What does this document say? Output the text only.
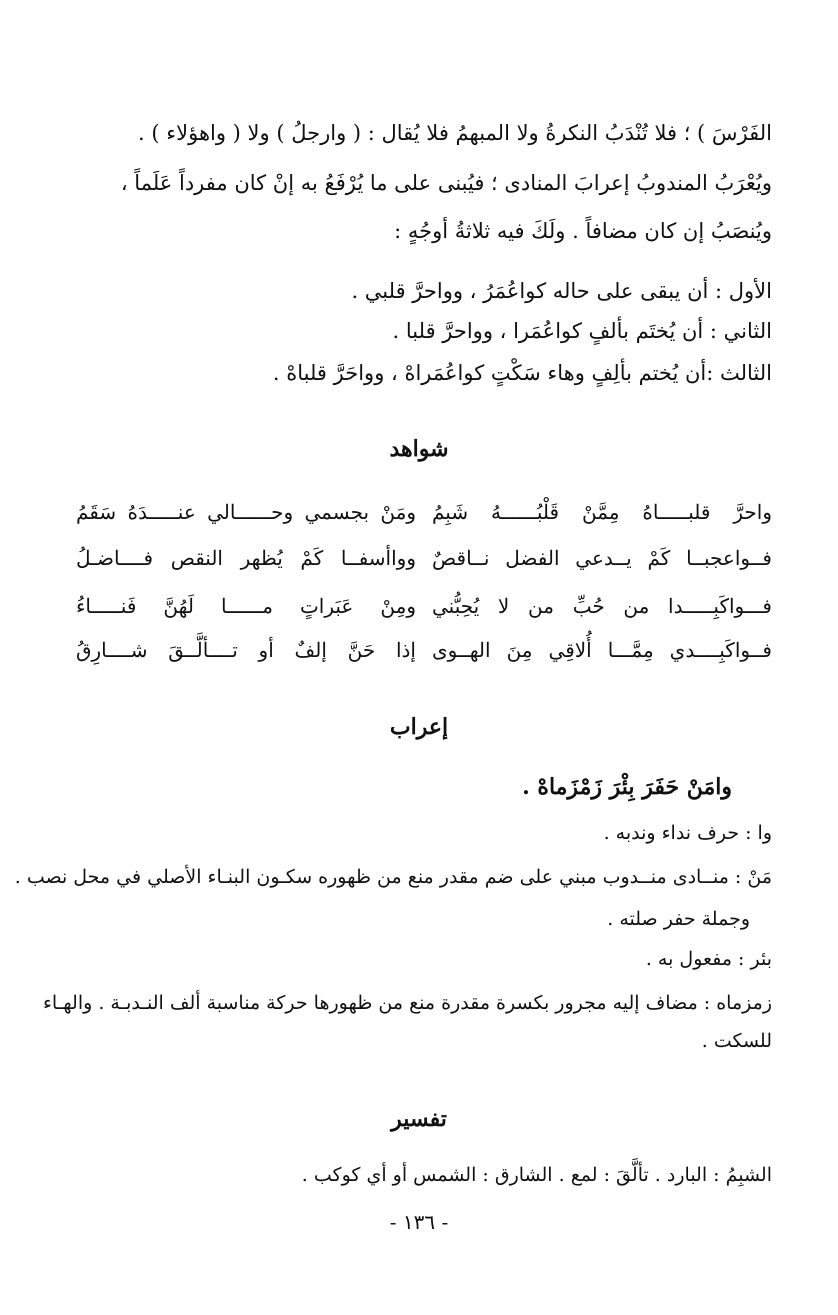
الفَرْسَ ) ؛ فلا تُنْدَبُ النكرةُ ولا المبهمُ فلا يُقال : ( وارجلُ ) ولا ( واهؤلاء ) .
ويُعْرَبُ المندوبُ إعرابَ المنادى ؛ فيُبنى على ما يُرْفَعُ به إنْ كان مفرداً عَلَماً ،
ويُنصَبُ إن كان مضافاً . ولَكَ فيه ثلاثةُ أوجُهٍ :
الأول : أن يبقى على حاله كواعُمَرُ ، وواحرَّ قلبي .
الثاني : أن يُختَم بألفٍ كواعُمَرا ، وواحرَّ قلبا .
الثالث :أن يُختم بألِفٍ وهاء سَكْتٍ كواعُمَراهْ ، وواحَرَّ قلباهْ .
شواهد
واحرَّ قلبـــــاهُ مِمَّنْ قَلْبُــــــهُ شَبِمُ
ومَنْ بجسمي وحــــــالي عنـــــدَهُ سَقَمُ
فــواعجبــا كَمْ يــدعي الفضل نــاقصٌ
وواأسفــا كَمْ يُظهر النقص فــــاضـلُ
فـــواكَبِـــــدا من حُبِّ من لا يُحِبُّني
ومِنْ عَبَراتٍ مــــــا لَهُنَّ فَنـــــاءُ
فــواكَبِــــدي مِمَّـــا أُلاقِي مِنَ الهــوى
إذا حَنَّ إلفٌ أو تــــألَّــقَ شــــارِقُ
إعراب
وامَنْ حَفَرَ بِئْرَ زَمْزَماهْ .
وا : حرف نداء وندبه .
مَنْ : منــادى منــدوب مبني على ضم مقدر منع من ظهوره سكـون البنـاء الأصلي في محل نصب .
وجملة حفر صلته .
بئر : مفعول به .
زمزماه : مضاف إليه مجرور بكسرة مقدرة منع من ظهورها حركة مناسبة ألف النـدبـة . والهـاء
للسكت .
تفسير
الشبِمُ : البارد . تألَّقَ : لمع . الشارق : الشمس أو أي كوكب .
- ١٣٦ -
